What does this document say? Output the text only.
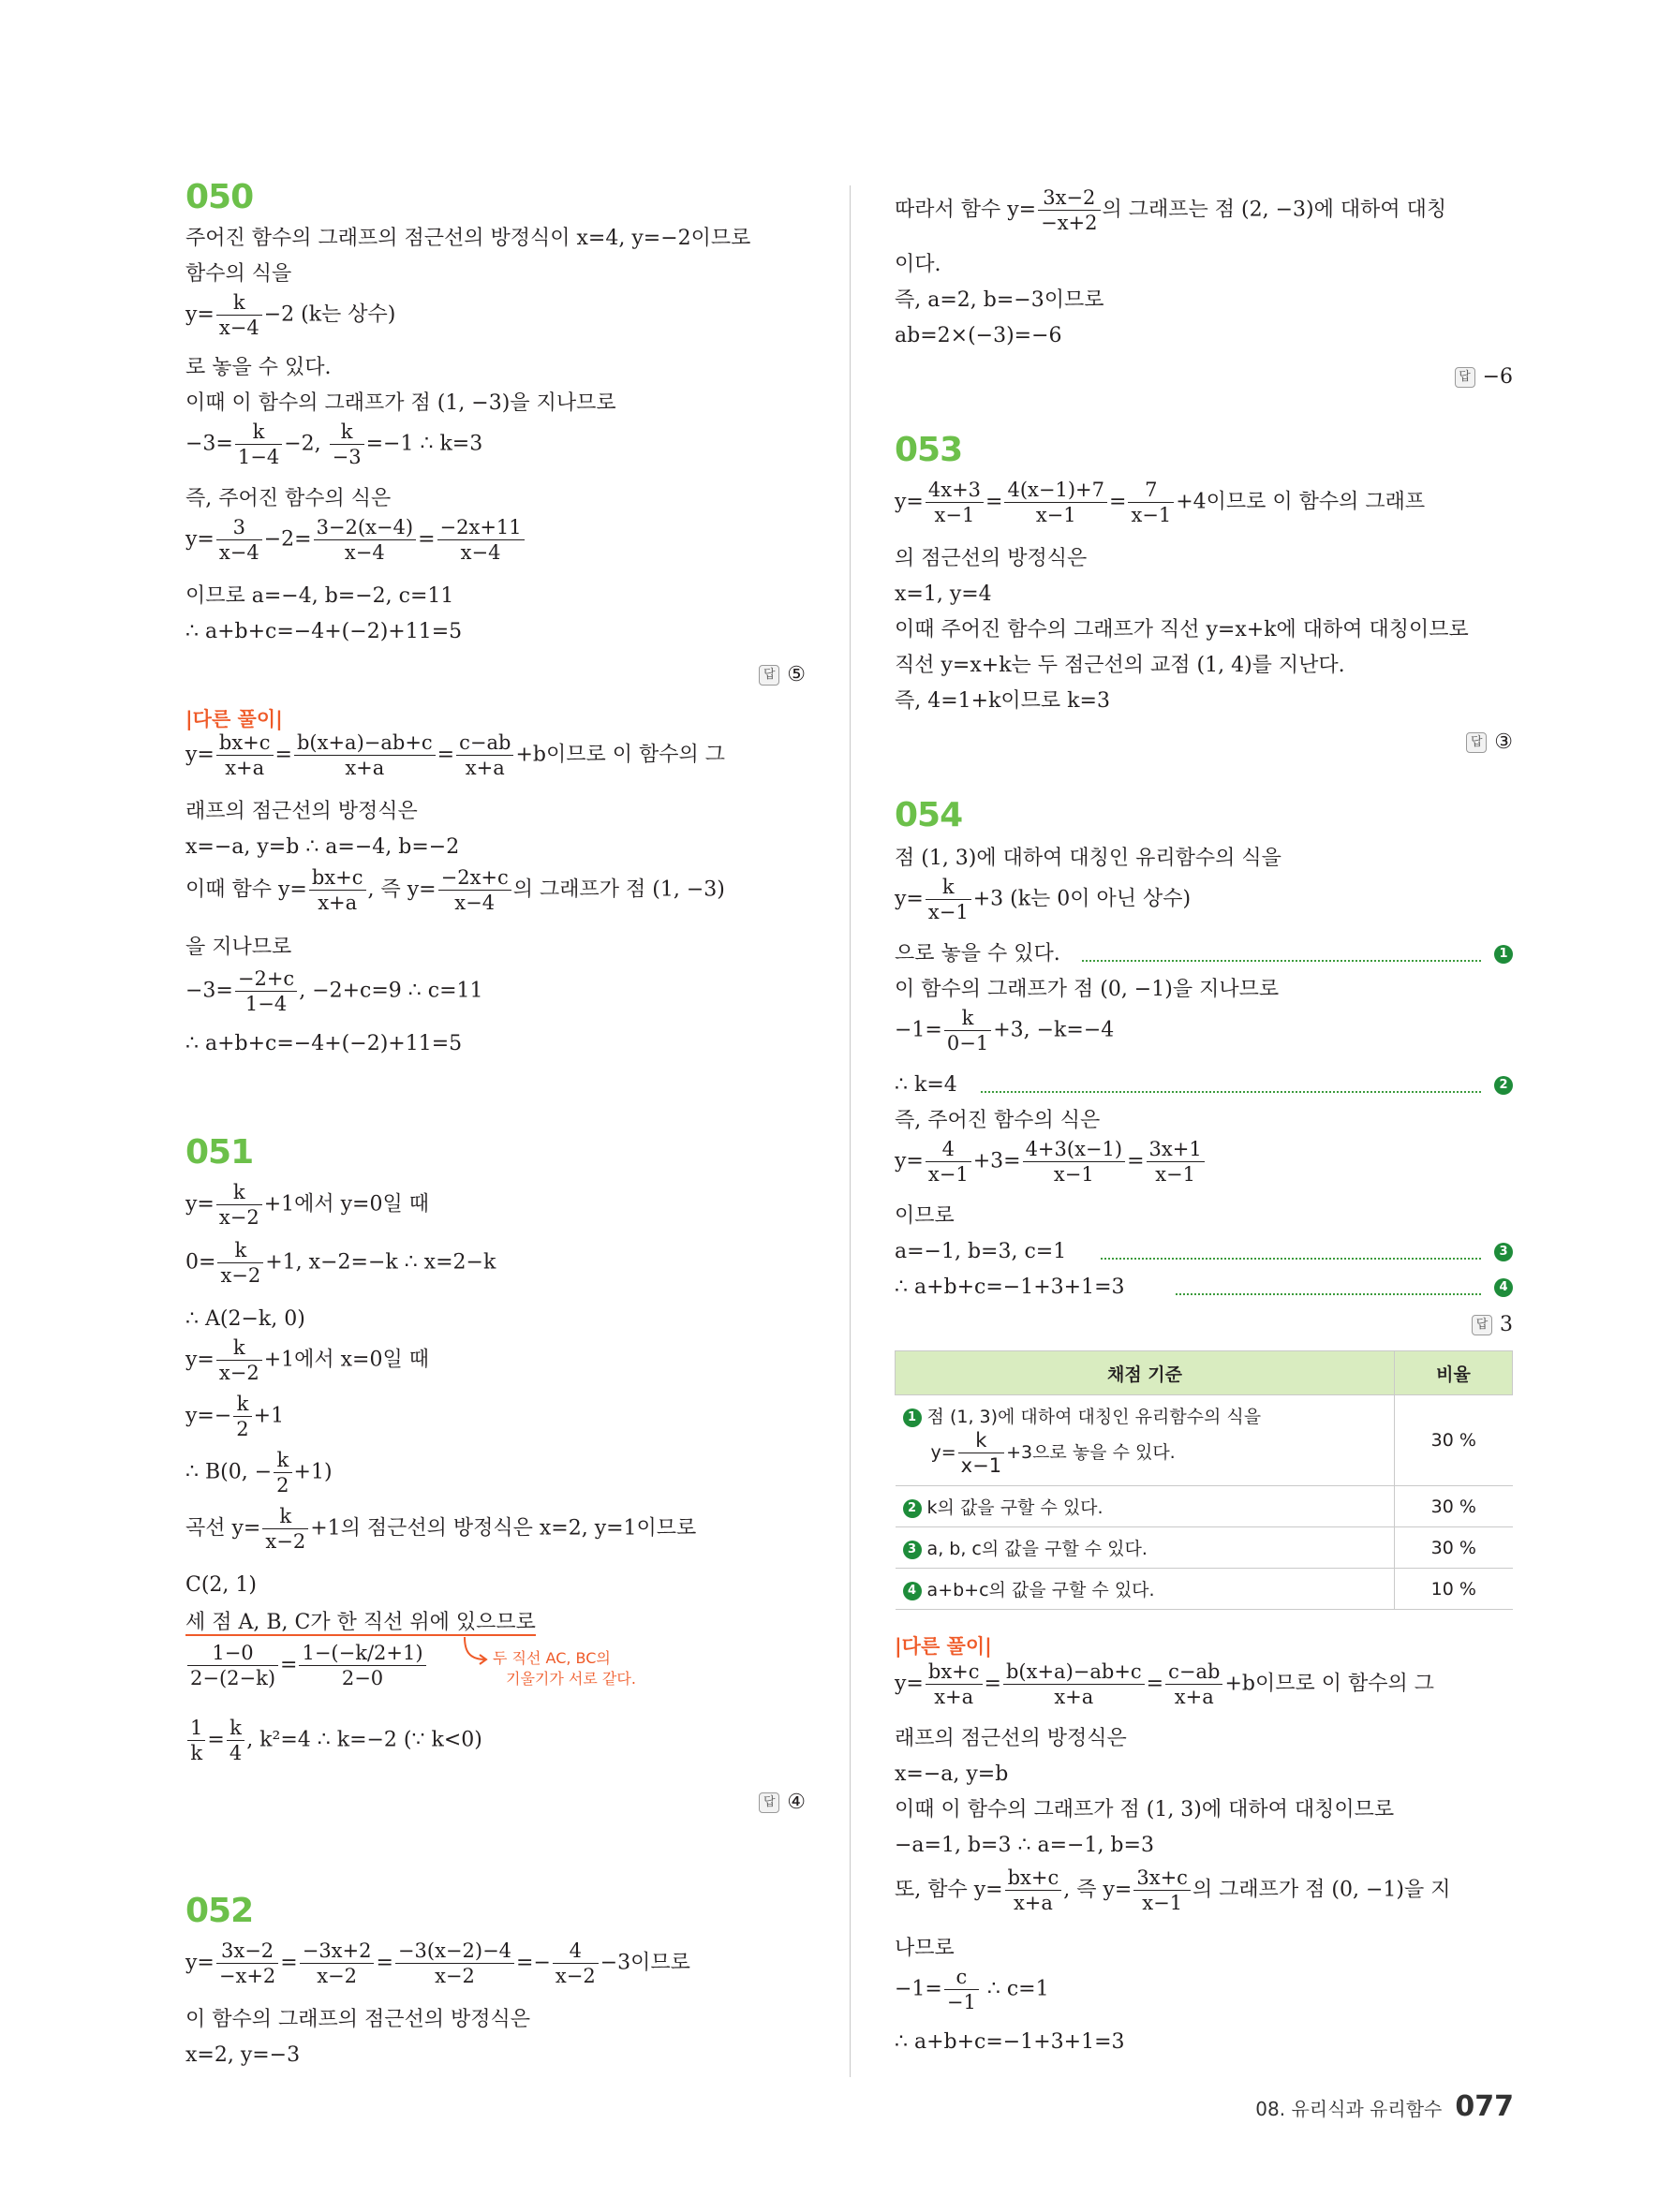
050
주어진 함수의 그래프의 점근선의 방정식이 x=4, y=−2이므로
함수의 식을
$y= \frac{k}{x-4} -2$ (k는 상수)
로 놓을 수 있다.
이때 이 함수의 그래프가 점 (1, −3)을 지나므로
$-3= \frac{k}{1-4} -2$, $\frac{k}{-3} =-1$ ∴ k=3
즉, 주어진 함수의 식은
$y= \frac{3}{x-4} -2= \frac{3-2(x-4)}{x-4} = \frac{-2x+11}{x-4}$
이므로 a=−4, b=−2, c=11
∴ a+b+c=−4+(−2)+11=5
답 ⑤
|다른 풀이|
$y= \frac{bx+c}{x+a} = \frac{b(x+a)-ab+c}{x+a} = \frac{c-ab}{x+a} +b$이므로 이 함수의 그
래프의 점근선의 방정식은
x=−a, y=b ∴ a=−4, b=−2
이때 함수 $y= \frac{bx+c}{x+a}$ , 즉 $y= \frac{-2x+c}{x-4}$ 의 그래프가 점 (1, −3)
을 지나므로
$-3= \frac{-2+c}{1-4}$ , −2+c=9 ∴ c=11
∴ a+b+c=−4+(−2)+11=5
051
$y= \frac{k}{x-2} +1$에서 y=0일 때
$0= \frac{k}{x-2} +1$, x−2=−k ∴ x=2−k
∴ A(2−k, 0)
$y= \frac{k}{x-2} +1$에서 x=0일 때
$y=- \frac{k}{2} +1$
∴ B(0, − $\frac{k}{2} +1$)
곡선 $y= \frac{k}{x-2} +1$의 점근선의 방정식은 x=2, y=1이므로
C(2, 1)
세 점 A, B, C가 한 직선 위에 있으므로
두 직선 AC, BC의
기울기가 서로 같다.
$\frac{1-0}{2-(2-k)} = \frac{1-(-k/2+1)}{2-0}$
$\frac{1}{k} = \frac{k}{4}$ , k²=4 ∴ k=−2 (∵ k<0)
답 ④
052
$y= \frac{3x-2}{-x+2} = \frac{-3x+2}{x-2} = \frac{-3(x-2)-4}{x-2} =- \frac{4}{x-2} -3$이므로
이 함수의 그래프의 점근선의 방정식은
x=2, y=−3
따라서 함수 $y= \frac{3x-2}{-x+2}$ 의 그래프는 점 (2, −3)에 대하여 대칭
이다.
즉, a=2, b=−3이므로
ab=2×(−3)=−6
답 −6
053
$y= \frac{4x+3}{x-1} = \frac{4(x-1)+7}{x-1} = \frac{7}{x-1} +4$이므로 이 함수의 그래프
의 점근선의 방정식은
x=1, y=4
이때 주어진 함수의 그래프가 직선 y=x+k에 대하여 대칭이므로
직선 y=x+k는 두 점근선의 교점 (1, 4)를 지난다.
즉, 4=1+k이므로 k=3
답 ③
054
점 (1, 3)에 대하여 대칭인 유리함수의 식을
$y= \frac{k}{x-1} +3$ (k는 0이 아닌 상수)
으로 놓을 수 있다.	1
이 함수의 그래프가 점 (0, −1)을 지나므로
$-1= \frac{k}{0-1} +3$, −k=−4
∴ k=4	2
즉, 주어진 함수의 식은
$y= \frac{4}{x-1} +3= \frac{4+3(x-1)}{x-1} = \frac{3x+1}{x-1}$
이므로
a=−1, b=3, c=1	3
∴ a+b+c=−1+3+1=3	4
답 3
채점 기준	비율

1 점 (1, 3)에 대하여 대칭인 유리함수의 식을
$y= \frac{k}{x-1} +3$으로 놓을 수 있다.	30 %
2 k의 값을 구할 수 있다.	30 %
3 a, b, c의 값을 구할 수 있다.	30 %
4 a+b+c의 값을 구할 수 있다.	10 %
|다른 풀이|
$y= \frac{bx+c}{x+a} = \frac{b(x+a)-ab+c}{x+a} = \frac{c-ab}{x+a} +b$이므로 이 함수의 그
래프의 점근선의 방정식은
x=−a, y=b
이때 이 함수의 그래프가 점 (1, 3)에 대하여 대칭이므로
−a=1, b=3 ∴ a=−1, b=3
또, 함수 $y= \frac{bx+c}{x+a}$ , 즉 $y= \frac{3x+c}{x-1}$ 의 그래프가 점 (0, −1)을 지
나므로
$-1= \frac{c}{-1}$ ∴ c=1
∴ a+b+c=−1+3+1=3
08. 유리식과 유리함수 077
